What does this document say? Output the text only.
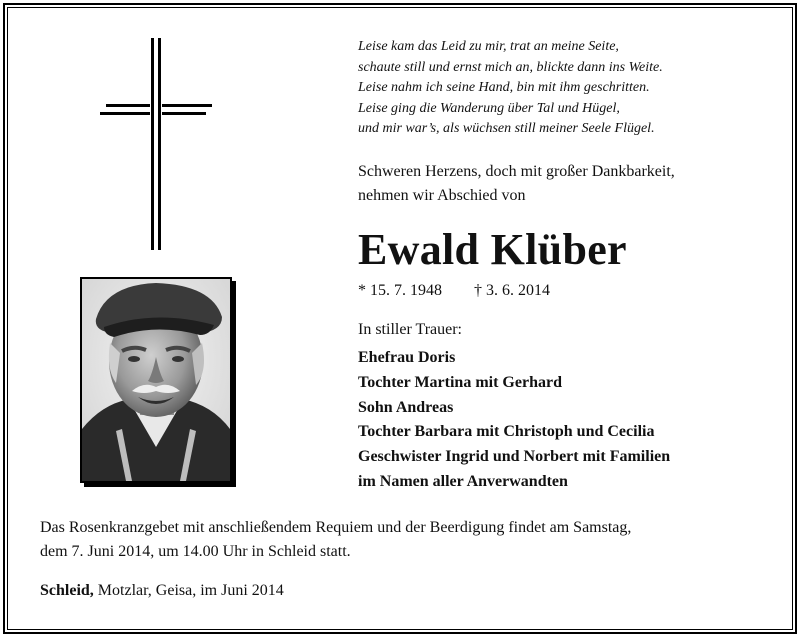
Leise kam das Leid zu mir, trat an meine Seite,
schaute still und ernst mich an, blickte dann ins Weite.
Leise nahm ich seine Hand, bin mit ihm geschritten.
Leise ging die Wanderung über Tal und Hügel,
und mir war’s, als wüchsen still meiner Seele Flügel.
Schweren Herzens, doch mit großer Dankbarkeit,
nehmen wir Abschied von
Ewald Klüber
* 15. 7. 1948 † 3. 6. 2014
In stiller Trauer:
Ehefrau Doris
Tochter Martina mit Gerhard
Sohn Andreas
Tochter Barbara mit Christoph und Cecilia
Geschwister Ingrid und Norbert mit Familien
im Namen aller Anverwandten
Das Rosenkranzgebet mit anschließendem Requiem und der Beerdigung findet am Samstag,
dem 7. Juni 2014, um 14.00 Uhr in Schleid statt.
Schleid, Motzlar, Geisa, im Juni 2014
